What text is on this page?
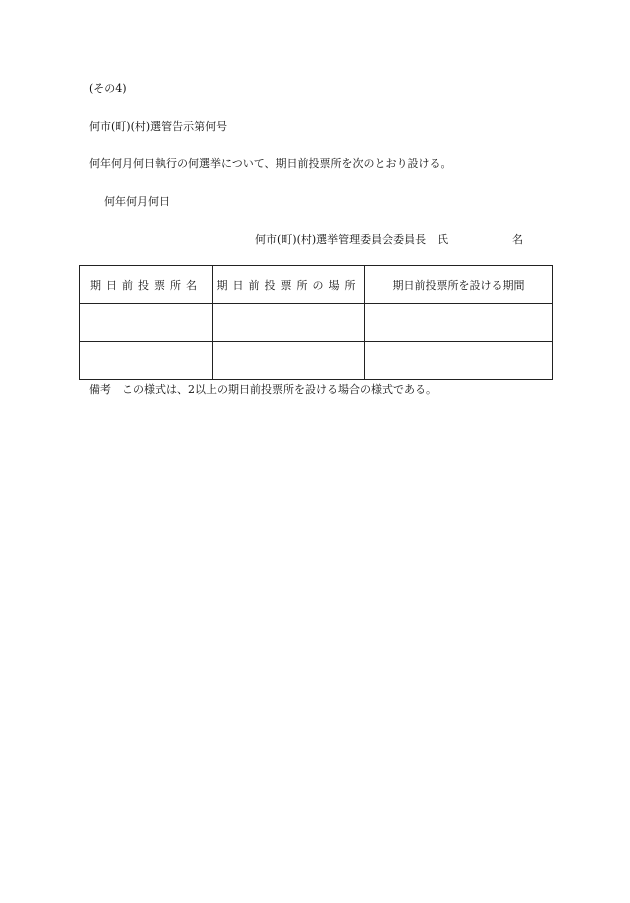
(その4)
何市(町)(村)選管告示第何号
何年何月何日執行の何選挙について、期日前投票所を次のとおり設ける。
何年何月何日
何市(町)(村)選挙管理委員会委員長　氏	名
期日前投票所名	期日前投票所の場所	期日前投票所を設ける期間

備考　この様式は、2以上の期日前投票所を設ける場合の様式である。
